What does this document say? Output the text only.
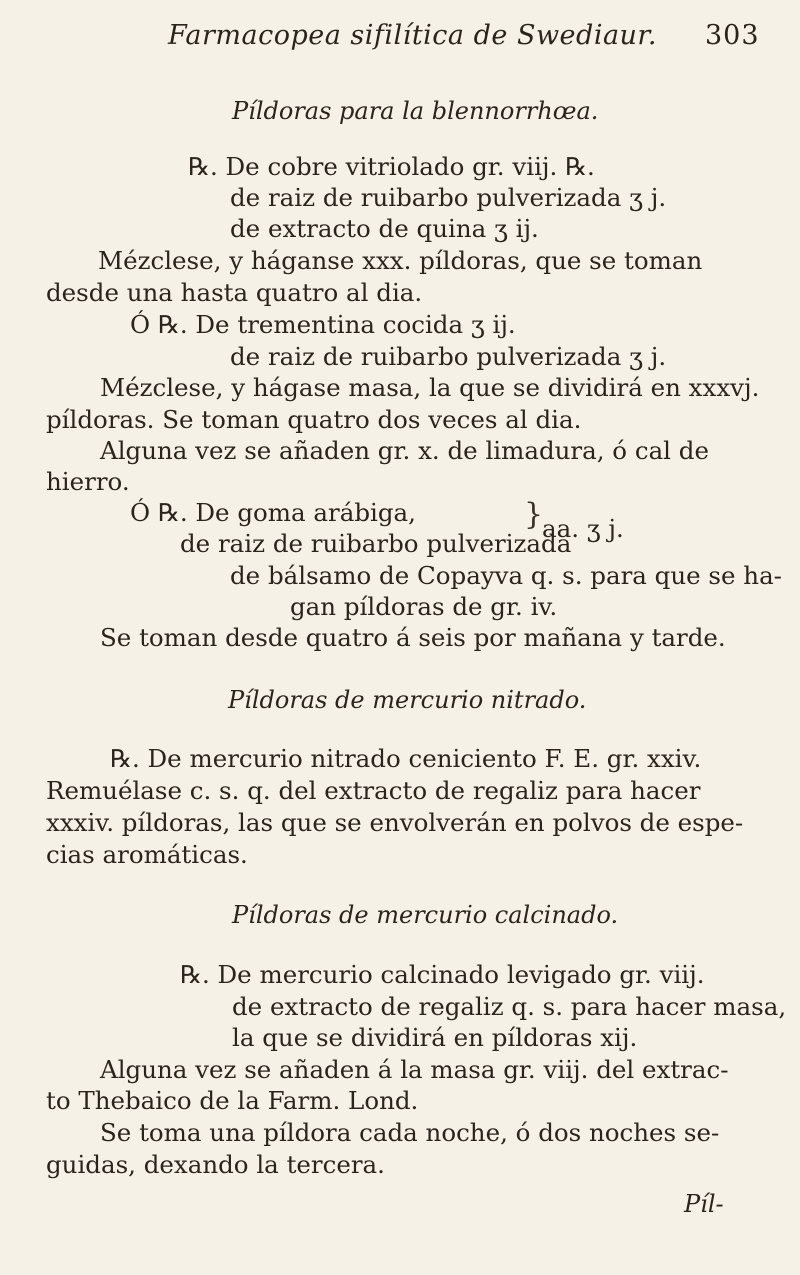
Farmacopea sifilítica de Swediaur. 303
Píldoras para la blennorrhœa.
℞. De cobre vitriolado gr. viij. ℞.
de raiz de ruibarbo pulverizada ʒ j.
de extracto de quina ʒ ij.
Mézclese, y háganse xxx. píldoras, que se toman
desde una hasta quatro al dia.
Ó ℞. De trementina cocida ʒ ij.
de raiz de ruibarbo pulverizada ʒ j.
Mézclese, y hágase masa, la que se dividirá en xxxvj.
píldoras. Se toman quatro dos veces al dia.
Alguna vez se añaden gr. x. de limadura, ó cal de
hierro.
Ó ℞. De goma arábiga,
de raiz de ruibarbo pulverizada
}
aa. ʒ j.
de bálsamo de Copayva q. s. para que se ha-
gan píldoras de gr. iv.
Se toman desde quatro á seis por mañana y tarde.
Píldoras de mercurio nitrado.
℞. De mercurio nitrado ceniciento F. E. gr. xxiv.
Remuélase c. s. q. del extracto de regaliz para hacer
xxxiv. píldoras, las que se envolverán en polvos de espe-
cias aromáticas.
Píldoras de mercurio calcinado.
℞. De mercurio calcinado levigado gr. viij.
de extracto de regaliz q. s. para hacer masa,
la que se dividirá en píldoras xij.
Alguna vez se añaden á la masa gr. viij. del extrac-
to Thebaico de la Farm. Lond.
Se toma una píldora cada noche, ó dos noches se-
guidas, dexando la tercera.
Píl-
